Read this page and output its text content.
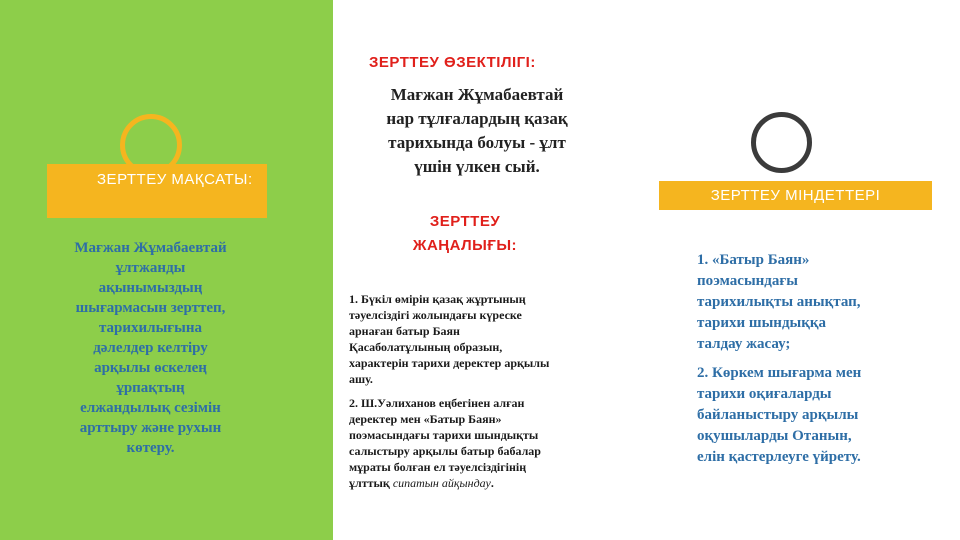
ЗЕРТТЕУ МАҚСАТЫ:
ЗЕРТТЕУ МІНДЕТТЕРІ
Мағжан Жұмабаевтай
ұлтжанды
ақынымыздың
шығармасын зерттеп,
тарихилығына
дәлелдер келтіру
арқылы өскелең
ұрпақтың
елжандылық сезімін
арттыру және рухын
көтеру.
ЗЕРТТЕУ ӨЗЕКТІЛІГІ:
Мағжан Жұмабаевтай
нар тұлғалардың қазақ
тарихында болуы - ұлт
үшін үлкен сый.
ЗЕРТТЕУ
ЖАҢАЛЫҒЫ:

1. Бүкіл өмірін қазақ жұртының
тәуелсіздігі жолындағы күреске
арнаған батыр Баян
Қасаболатұлының образын,
характерін тарихи деректер арқылы
ашу.

2. Ш.Уәлиханов еңбегінен алған
деректер мен «Батыр Баян»
поэмасындағы тарихи шындықты
салыстыру арқылы батыр бабалар
мұраты болған ел тәуелсіздігінің
ұлттық сипатын айқындау.

1. «Батыр Баян»
поэмасындағы
тарихилықты анықтап,
тарихи шындыққа
талдау жасау;

2. Көркем шығарма мен
тарихи оқиғаларды
байланыстыру арқылы
оқушыларды Отанын,
елін қастерлеуге үйрету.
